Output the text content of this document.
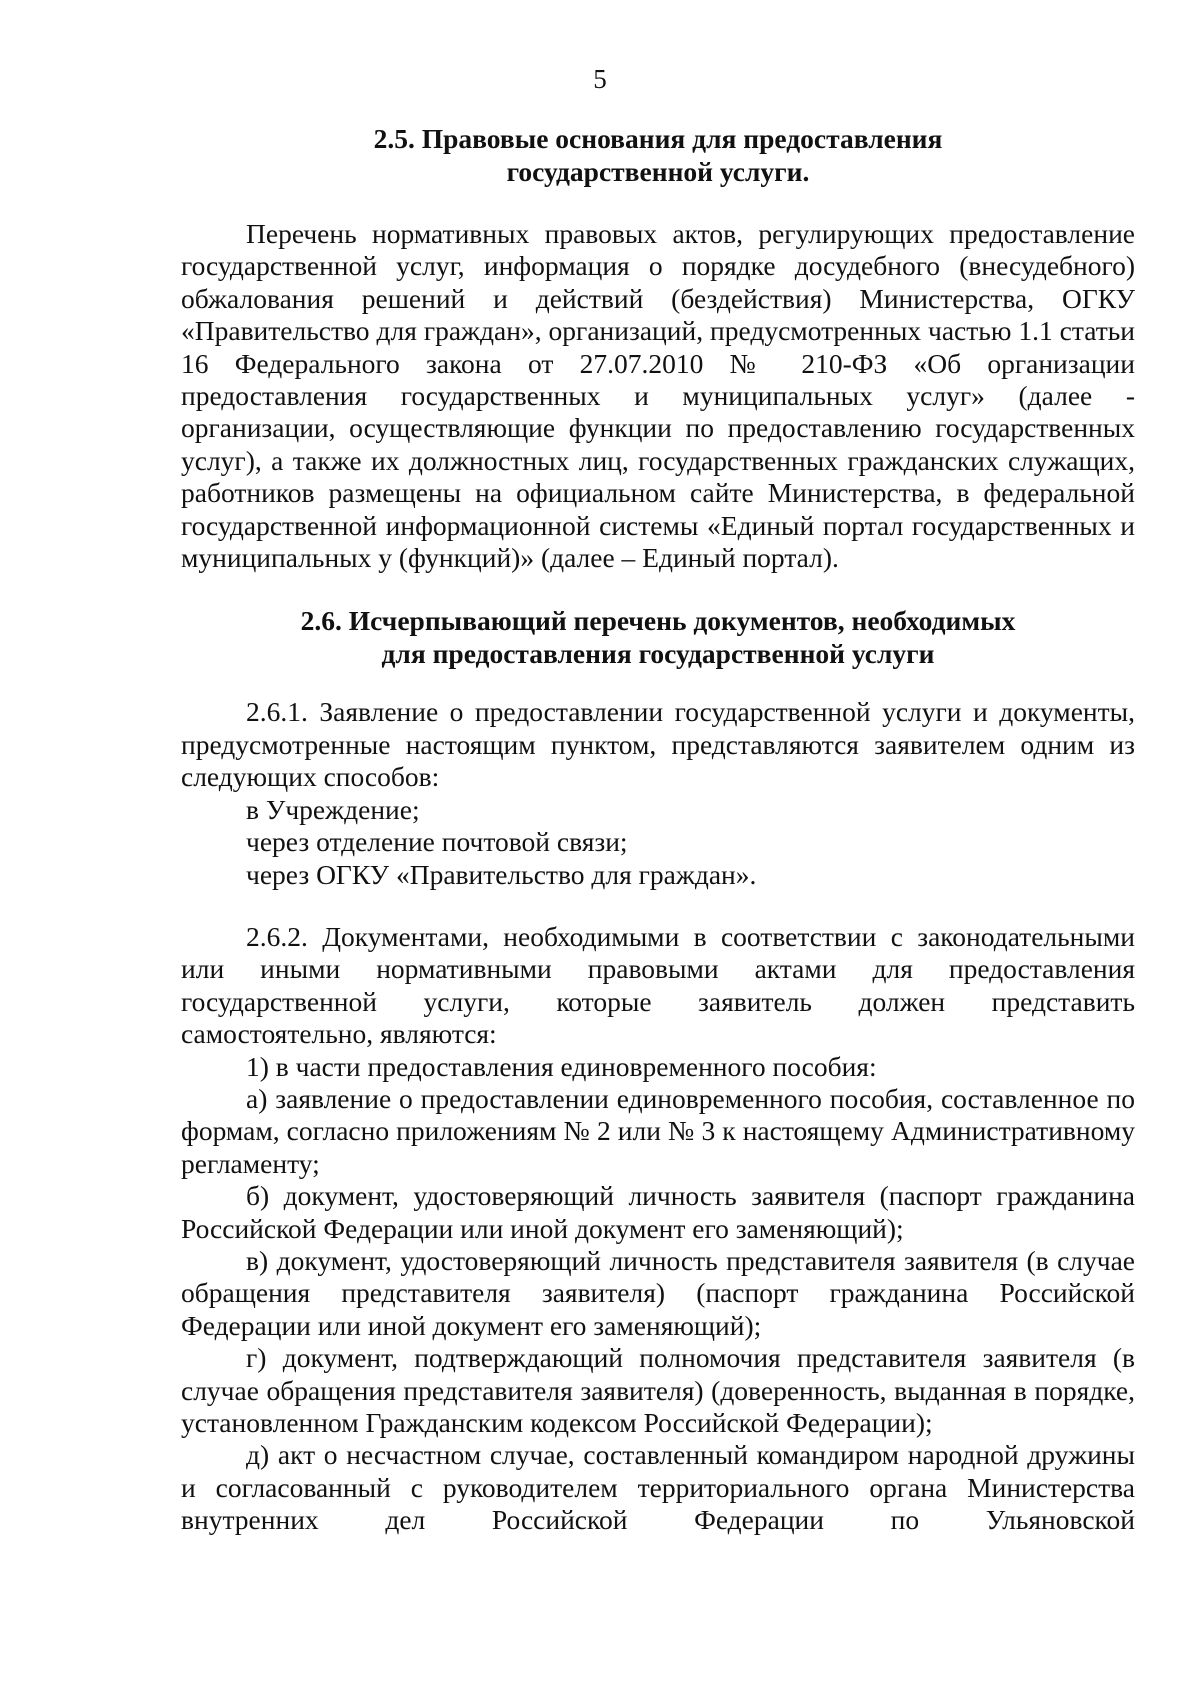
5
2.5. Правовые основания для предоставления
государственной услуги.

Перечень нормативных правовых актов, регулирующих предоставление государственной услуг, информация о порядке досудебного (внесудебного) обжалования решений и действий (бездействия) Министерства, ОГКУ «Правительство для граждан», организаций, предусмотренных частью 1.1 статьи 16 Федерального закона от 27.07.2010 № 210-ФЗ «Об организации предоставления государственных и муниципальных услуг» (далее - организации, осуществляющие функции по предоставлению государственных услуг), а также их должностных лиц, государственных гражданских служащих, работников размещены на официальном сайте Министерства, в федеральной государственной информационной системы «Единый портал государственных и муниципальных у (функций)» (далее – Единый портал).

2.6. Исчерпывающий перечень документов, необходимых
для предоставления государственной услуги

2.6.1. Заявление о предоставлении государственной услуги и документы, предусмотренные настоящим пунктом, представляются заявителем одним из следующих способов:

в Учреждение;

через отделение почтовой связи;

через ОГКУ «Правительство для граждан».

2.6.2. Документами, необходимыми в соответствии с законодательными или иными нормативными правовыми актами для предоставления государственной услуги, которые заявитель должен представить самостоятельно, являются:

1) в части предоставления единовременного пособия:

а) заявление о предоставлении единовременного пособия, составленное по формам, согласно приложениям № 2 или № 3 к настоящему Административному регламенту;

б) документ, удостоверяющий личность заявителя (паспорт гражданина Российской Федерации или иной документ его заменяющий);

в) документ, удостоверяющий личность представителя заявителя (в случае обращения представителя заявителя) (паспорт гражданина Российской Федерации или иной документ его заменяющий);

г) документ, подтверждающий полномочия представителя заявителя (в случае обращения представителя заявителя) (доверенность, выданная в порядке, установленном Гражданским кодексом Российской Федерации);

д) акт о несчастном случае, составленный командиром народной дружины и согласованный с руководителем территориального органа Министерства внутренних дел Российской Федерации по Ульяновской
